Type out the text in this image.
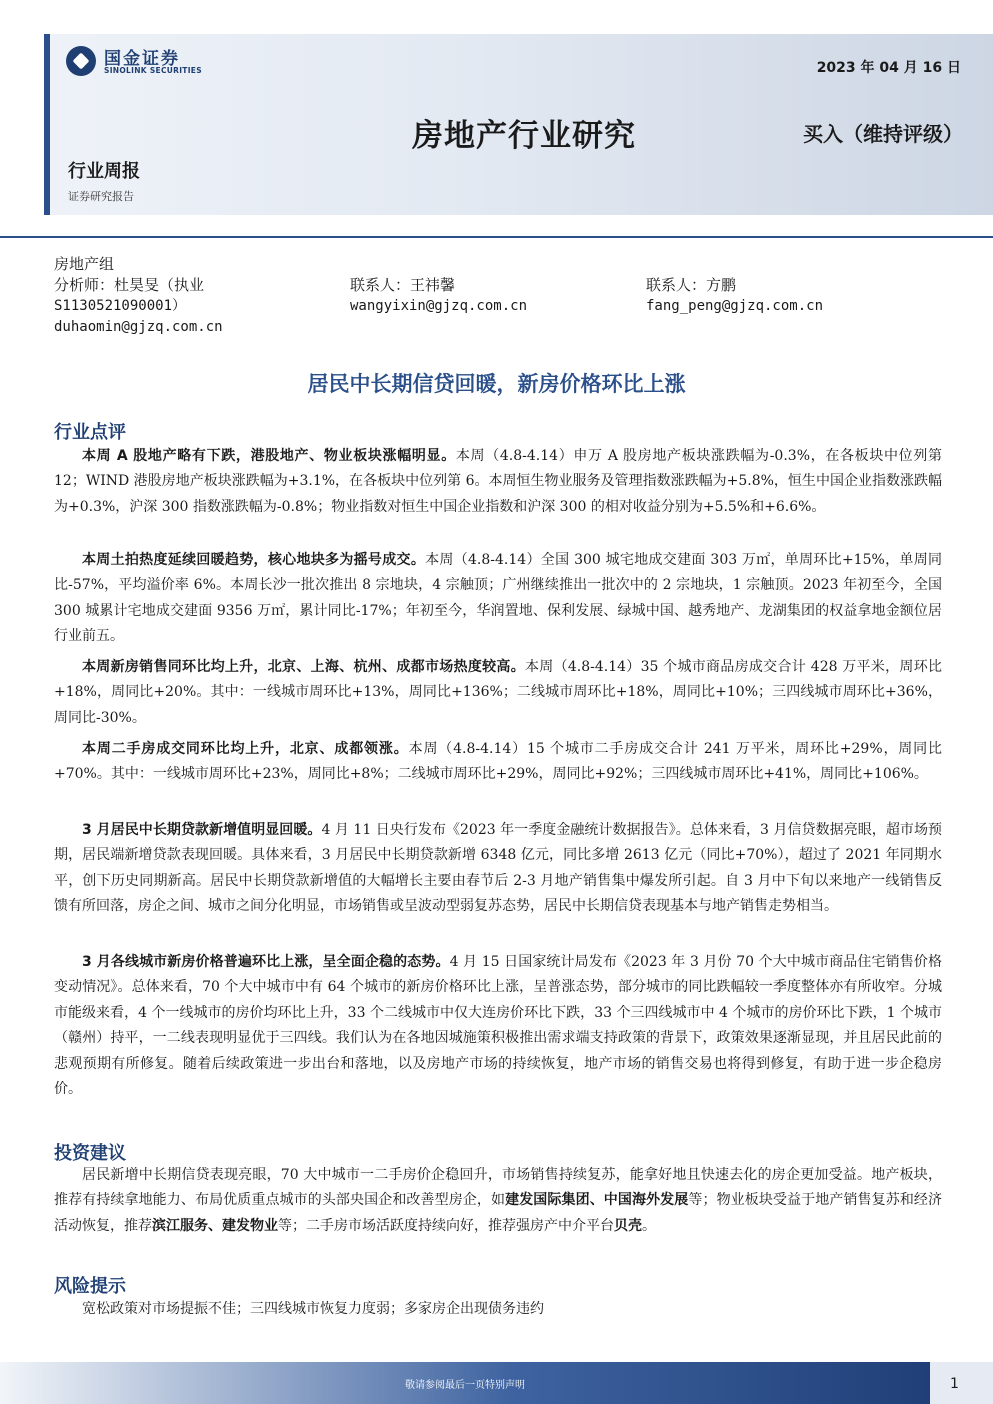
国金证券
SINOLINK SECURITIES	2023 年 04 月 16 日
房地产行业研究	买入（维持评级）
行业周报
证券研究报告
房地产组
分析师：杜昊旻（执业
S1130521090001）
duhaomin@gjzq.com.cn
联系人：王祎馨
wangyixin@gjzq.com.cn
联系人：方鹏
fang_peng@gjzq.com.cn
居民中长期信贷回暖，新房价格环比上涨
行业点评
本周 A 股地产略有下跌，港股地产、物业板块涨幅明显。本周（4.8-4.14）申万 A 股房地产板块涨跌幅为-0.3%，在各板块中位列第 12；WIND 港股房地产板块涨跌幅为+3.1%，在各板块中位列第 6。本周恒生物业服务及管理指数涨跌幅为+5.8%，恒生中国企业指数涨跌幅为+0.3%，沪深 300 指数涨跌幅为-0.8%；物业指数对恒生中国企业指数和沪深 300 的相对收益分别为+5.5%和+6.6%。
本周土拍热度延续回暖趋势，核心地块多为摇号成交。本周（4.8-4.14）全国 300 城宅地成交建面 303 万㎡，单周环比+15%，单周同比-57%，平均溢价率 6%。本周长沙一批次推出 8 宗地块，4 宗触顶；广州继续推出一批次中的 2 宗地块，1 宗触顶。2023 年初至今，全国 300 城累计宅地成交建面 9356 万㎡，累计同比-17%；年初至今，华润置地、保利发展、绿城中国、越秀地产、龙湖集团的权益拿地金额位居行业前五。
本周新房销售同环比均上升，北京、上海、杭州、成都市场热度较高。本周（4.8-4.14）35 个城市商品房成交合计 428 万平米，周环比+18%，周同比+20%。其中：一线城市周环比+13%，周同比+136%；二线城市周环比+18%，周同比+10%；三四线城市周环比+36%，周同比-30%。
本周二手房成交同环比均上升，北京、成都领涨。本周（4.8-4.14）15 个城市二手房成交合计 241 万平米，周环比+29%，周同比+70%。其中：一线城市周环比+23%，周同比+8%；二线城市周环比+29%，周同比+92%；三四线城市周环比+41%，周同比+106%。
3 月居民中长期贷款新增值明显回暖。4 月 11 日央行发布《2023 年一季度金融统计数据报告》。总体来看，3 月信贷数据亮眼，超市场预期，居民端新增贷款表现回暖。具体来看，3 月居民中长期贷款新增 6348 亿元，同比多增 2613 亿元（同比+70%），超过了 2021 年同期水平，创下历史同期新高。居民中长期贷款新增值的大幅增长主要由春节后 2-3 月地产销售集中爆发所引起。自 3 月中下旬以来地产一线销售反馈有所回落，房企之间、城市之间分化明显，市场销售或呈波动型弱复苏态势，居民中长期信贷表现基本与地产销售走势相当。
3 月各线城市新房价格普遍环比上涨，呈全面企稳的态势。4 月 15 日国家统计局发布《2023 年 3 月份 70 个大中城市商品住宅销售价格变动情况》。总体来看，70 个大中城市中有 64 个城市的新房价格环比上涨，呈普涨态势，部分城市的同比跌幅较一季度整体亦有所收窄。分城市能级来看，4 个一线城市的房价均环比上升，33 个二线城市中仅大连房价环比下跌，33 个三四线城市中 4 个城市的房价环比下跌，1 个城市（赣州）持平，一二线表现明显优于三四线。我们认为在各地因城施策积极推出需求端支持政策的背景下，政策效果逐渐显现，并且居民此前的悲观预期有所修复。随着后续政策进一步出台和落地，以及房地产市场的持续恢复，地产市场的销售交易也将得到修复，有助于进一步企稳房价。
投资建议
居民新增中长期信贷表现亮眼，70 大中城市一二手房价企稳回升，市场销售持续复苏，能拿好地且快速去化的房企更加受益。地产板块，推荐有持续拿地能力、布局优质重点城市的头部央国企和改善型房企，如建发国际集团、中国海外发展等；物业板块受益于地产销售复苏和经济活动恢复，推荐滨江服务、建发物业等；二手房市场活跃度持续向好，推荐强房产中介平台贝壳。
风险提示
宽松政策对市场提振不佳；三四线城市恢复力度弱；多家房企出现债务违约
敬请参阅最后一页特别声明	1
